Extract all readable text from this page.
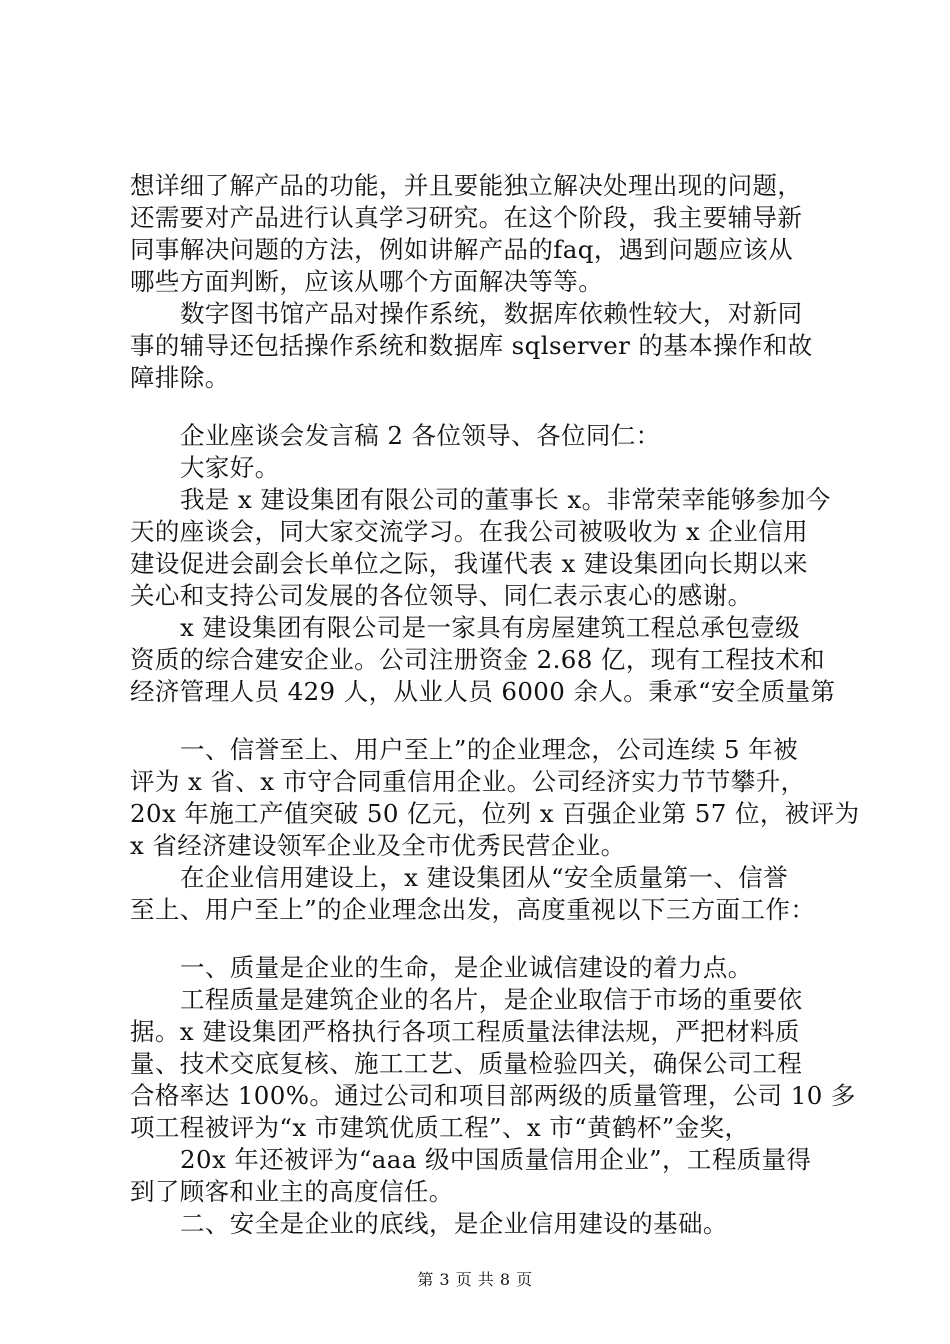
想详细了解产品的功能，并且要能独立解决处理出现的问题，
还需要对产品进行认真学习研究。在这个阶段，我主要辅导新
同事解决问题的方法，例如讲解产品的faq，遇到问题应该从
哪些方面判断，应该从哪个方面解决等等。
数字图书馆产品对操作系统，数据库依赖性较大，对新同
事的辅导还包括操作系统和数据库 sqlserver 的基本操作和故
障排除。
企业座谈会发言稿 2 各位领导、各位同仁：
大家好。
我是 x 建设集团有限公司的董事长 x。非常荣幸能够参加今
天的座谈会，同大家交流学习。在我公司被吸收为 x 企业信用
建设促进会副会长单位之际，我谨代表 x 建设集团向长期以来
关心和支持公司发展的各位领导、同仁表示衷心的感谢。
x 建设集团有限公司是一家具有房屋建筑工程总承包壹级
资质的综合建安企业。公司注册资金 2.68 亿，现有工程技术和
经济管理人员 429 人，从业人员 6000 余人。秉承“安全质量第
一、信誉至上、用户至上”的企业理念，公司连续 5 年被
评为 x 省、x 市守合同重信用企业。公司经济实力节节攀升，
20x 年施工产值突破 50 亿元，位列 x 百强企业第 57 位，被评为
x 省经济建设领军企业及全市优秀民营企业。
在企业信用建设上，x 建设集团从“安全质量第一、信誉
至上、用户至上”的企业理念出发，高度重视以下三方面工作：
一、质量是企业的生命，是企业诚信建设的着力点。
工程质量是建筑企业的名片，是企业取信于市场的重要依
据。x 建设集团严格执行各项工程质量法律法规，严把材料质
量、技术交底复核、施工工艺、质量检验四关，确保公司工程
合格率达 100%。通过公司和项目部两级的质量管理，公司 10 多
项工程被评为“x 市建筑优质工程”、x 市“黄鹤杯”金奖，
20x 年还被评为“aaa 级中国质量信用企业”，工程质量得
到了顾客和业主的高度信任。
二、安全是企业的底线，是企业信用建设的基础。
第 3 页 共 8 页
